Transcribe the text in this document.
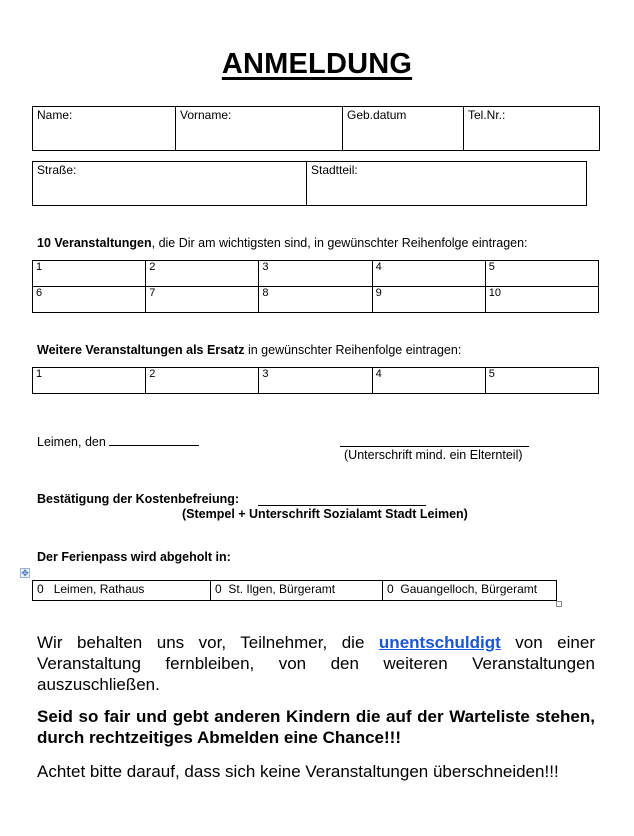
ANMELDUNG
Name:	Vorname:	Geb.datum	Tel.Nr.:
Straße:	Stadtteil:
10 Veranstaltungen, die Dir am wichtigsten sind, in gewünschter Reihenfolge eintragen:
1	2	3	4	5
6	7	8	9	10
Weitere Veranstaltungen als Ersatz in gewünschter Reihenfolge eintragen:
1	2	3	4	5
Leimen, den
(Unterschrift mind. ein Elternteil)
Bestätigung der Kostenbefreiung:
(Stempel + Unterschrift Sozialamt Stadt Leimen)
Der Ferienpass wird abgeholt in:
✥
0 Leimen, Rathaus	0 St. Ilgen, Bürgeramt	0 Gauangelloch, Bürgeramt
Wir behalten uns vor, Teilnehmer, die unentschuldigt von einer Veranstaltung fernbleiben, von den weiteren Veranstaltungen auszuschließen.
Seid so fair und gebt anderen Kindern die auf der Warteliste stehen, durch rechtzeitiges Abmelden eine Chance!!!
Achtet bitte darauf, dass sich keine Veranstaltungen überschneiden!!!
